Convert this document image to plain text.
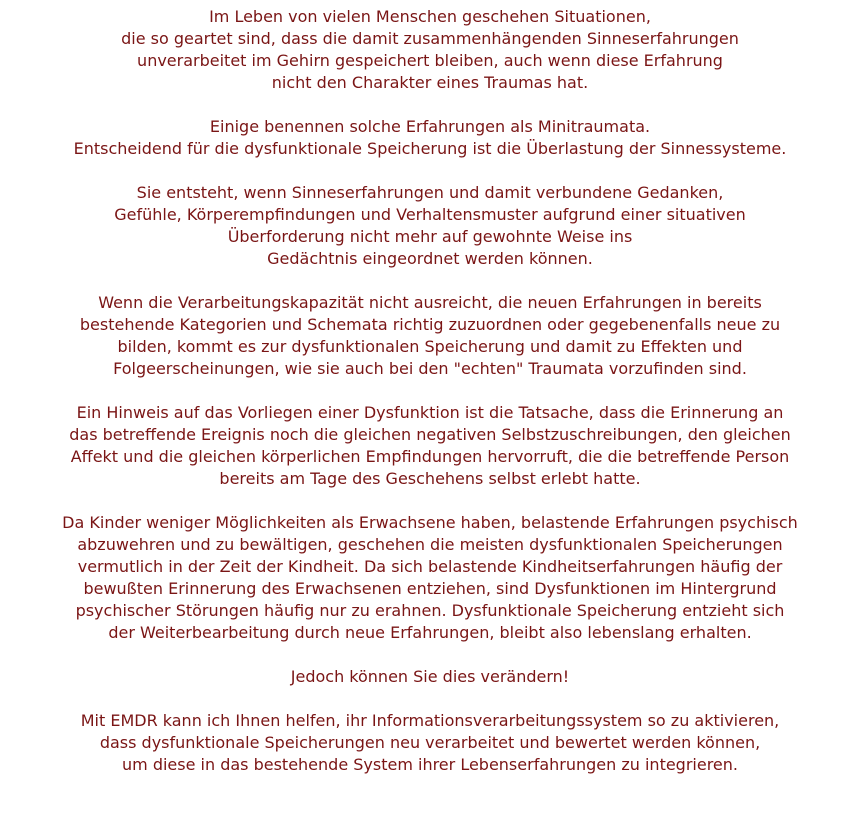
Im Leben von vielen Menschen geschehen Situationen,
die so geartet sind, dass die damit zusammenhängenden Sinneserfahrungen
unverarbeitet im Gehirn gespeichert bleiben, auch wenn diese Erfahrung
nicht den Charakter eines Traumas hat.

Einige benennen solche Erfahrungen als Minitraumata.
Entscheidend für die dysfunktionale Speicherung ist die Überlastung der Sinnessysteme.

Sie entsteht, wenn Sinneserfahrungen und damit verbundene Gedanken,
Gefühle, Körperempfindungen und Verhaltensmuster aufgrund einer situativen
Überforderung nicht mehr auf gewohnte Weise ins
Gedächtnis eingeordnet werden können.

Wenn die Verarbeitungskapazität nicht ausreicht, die neuen Erfahrungen in bereits
bestehende Kategorien und Schemata richtig zuzuordnen oder gegebenenfalls neue zu
bilden, kommt es zur dysfunktionalen Speicherung und damit zu Effekten und
Folgeerscheinungen, wie sie auch bei den "echten" Traumata vorzufinden sind.

Ein Hinweis auf das Vorliegen einer Dysfunktion ist die Tatsache, dass die Erinnerung an
das betreffende Ereignis noch die gleichen negativen Selbstzuschreibungen, den gleichen
Affekt und die gleichen körperlichen Empfindungen hervorruft, die die betreffende Person
bereits am Tage des Geschehens selbst erlebt hatte.

Da Kinder weniger Möglichkeiten als Erwachsene haben, belastende Erfahrungen psychisch
abzuwehren und zu bewältigen, geschehen die meisten dysfunktionalen Speicherungen
vermutlich in der Zeit der Kindheit. Da sich belastende Kindheitserfahrungen häufig der
bewußten Erinnerung des Erwachsenen entziehen, sind Dysfunktionen im Hintergrund
psychischer Störungen häufig nur zu erahnen. Dysfunktionale Speicherung entzieht sich
der Weiterbearbeitung durch neue Erfahrungen, bleibt also lebenslang erhalten.

Jedoch können Sie dies verändern!

Mit EMDR kann ich Ihnen helfen, ihr Informationsverarbeitungssystem so zu aktivieren,
dass dysfunktionale Speicherungen neu verarbeitet und bewertet werden können,
um diese in das bestehende System ihrer Lebenserfahrungen zu integrieren.
